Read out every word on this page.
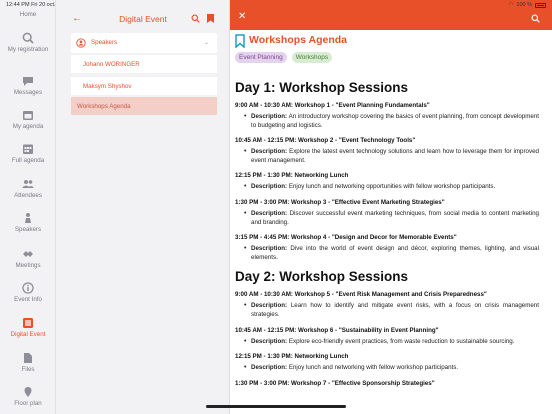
12:44 PM Fri 20 oct.	◠ 100 %
Home
My registration
Messages
My agenda
Full agenda
Attendees
Speakers
Meetings
Event Info
Digital Event
Files
Floor plan
←	Digital Event
Speakers	⌄
Johann WORINGER
Maksym Shyshov
Workshops Agenda
✕
Workshops Agenda
Event Planning	Workshops
Day 1: Workshop Sessions
9:00 AM - 10:30 AM: Workshop 1 - "Event Planning Fundamentals"
• Description: An introductory workshop covering the basics of event planning, from concept development to budgeting and logistics.
10:45 AM - 12:15 PM: Workshop 2 - "Event Technology Tools"
• Description: Explore the latest event technology solutions and learn how to leverage them for improved event management.
12:15 PM - 1:30 PM: Networking Lunch
• Description: Enjoy lunch and networking opportunities with fellow workshop participants.
1:30 PM - 3:00 PM: Workshop 3 - "Effective Event Marketing Strategies"
• Description: Discover successful event marketing techniques, from social media to content marketing and branding.
3:15 PM - 4:45 PM: Workshop 4 - "Design and Decor for Memorable Events"
• Description: Dive into the world of event design and décor, exploring themes, lighting, and visual elements.
Day 2: Workshop Sessions
9:00 AM - 10:30 AM: Workshop 5 - "Event Risk Management and Crisis Preparedness"
• Description: Learn how to identify and mitigate event risks, with a focus on crisis management strategies.
10:45 AM - 12:15 PM: Workshop 6 - "Sustainability in Event Planning"
• Description: Explore eco-friendly event practices, from waste reduction to sustainable sourcing.
12:15 PM - 1:30 PM: Networking Lunch
• Description: Enjoy lunch and networking with fellow workshop participants.
1:30 PM - 3:00 PM: Workshop 7 - "Effective Sponsorship Strategies"
